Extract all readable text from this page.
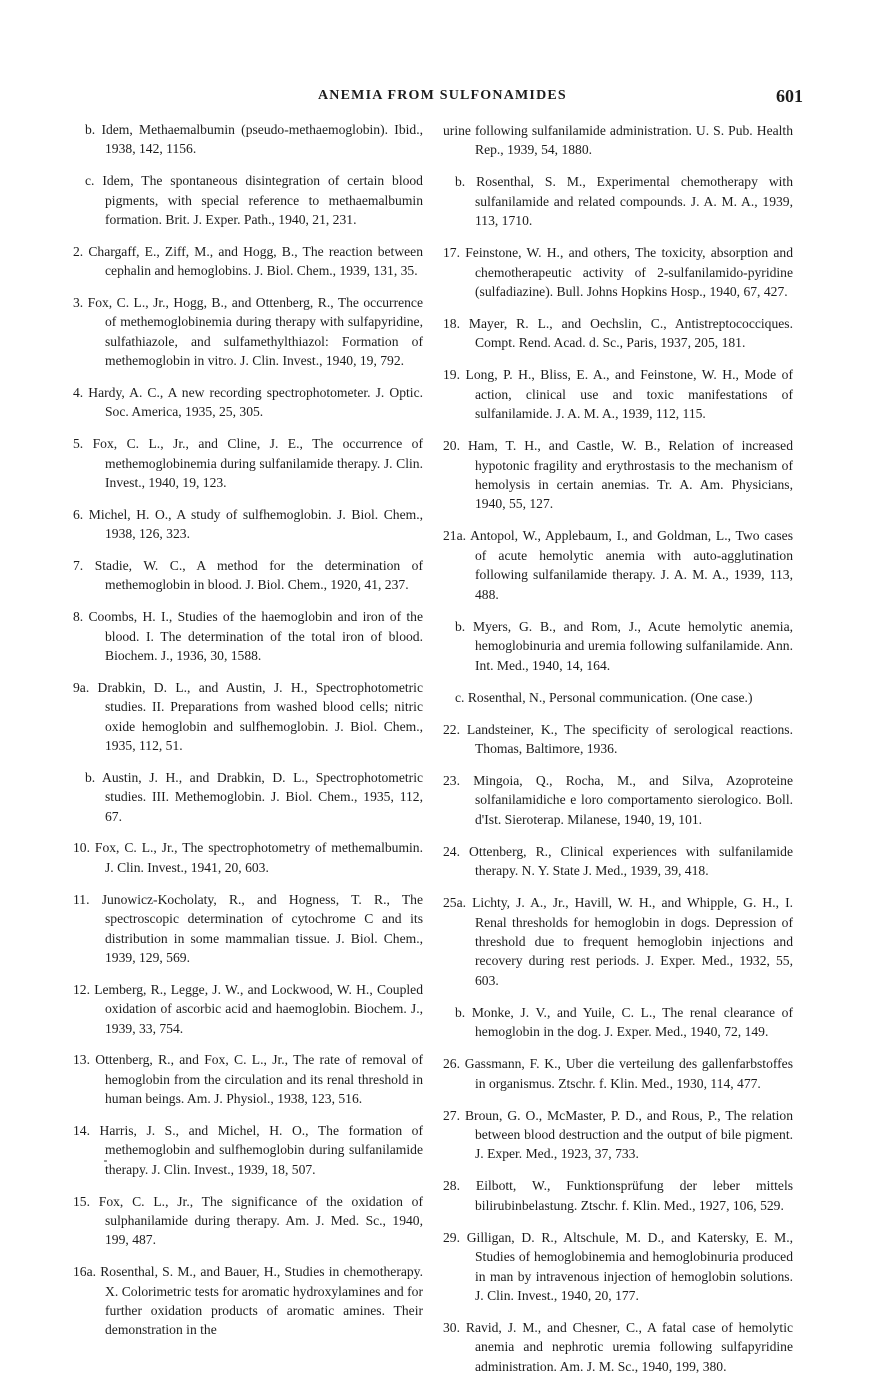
ANEMIA FROM SULFONAMIDES	601
b. Idem, Methaemalbumin (pseudo-methaemoglobin). Ibid., 1938, 142, 1156.
c. Idem, The spontaneous disintegration of certain blood pigments, with special reference to methaemalbumin formation. Brit. J. Exper. Path., 1940, 21, 231.
2. Chargaff, E., Ziff, M., and Hogg, B., The reaction between cephalin and hemoglobins. J. Biol. Chem., 1939, 131, 35.
3. Fox, C. L., Jr., Hogg, B., and Ottenberg, R., The occurrence of methemoglobinemia during therapy with sulfapyridine, sulfathiazole, and sulfamethylthiazol: Formation of methemoglobin in vitro. J. Clin. Invest., 1940, 19, 792.
4. Hardy, A. C., A new recording spectrophotometer. J. Optic. Soc. America, 1935, 25, 305.
5. Fox, C. L., Jr., and Cline, J. E., The occurrence of methemoglobinemia during sulfanilamide therapy. J. Clin. Invest., 1940, 19, 123.
6. Michel, H. O., A study of sulfhemoglobin. J. Biol. Chem., 1938, 126, 323.
7. Stadie, W. C., A method for the determination of methemoglobin in blood. J. Biol. Chem., 1920, 41, 237.
8. Coombs, H. I., Studies of the haemoglobin and iron of the blood. I. The determination of the total iron of blood. Biochem. J., 1936, 30, 1588.
9a. Drabkin, D. L., and Austin, J. H., Spectrophotometric studies. II. Preparations from washed blood cells; nitric oxide hemoglobin and sulfhemoglobin. J. Biol. Chem., 1935, 112, 51.
b. Austin, J. H., and Drabkin, D. L., Spectrophotometric studies. III. Methemoglobin. J. Biol. Chem., 1935, 112, 67.
10. Fox, C. L., Jr., The spectrophotometry of methemalbumin. J. Clin. Invest., 1941, 20, 603.
11. Junowicz-Kocholaty, R., and Hogness, T. R., The spectroscopic determination of cytochrome C and its distribution in some mammalian tissue. J. Biol. Chem., 1939, 129, 569.
12. Lemberg, R., Legge, J. W., and Lockwood, W. H., Coupled oxidation of ascorbic acid and haemoglobin. Biochem. J., 1939, 33, 754.
13. Ottenberg, R., and Fox, C. L., Jr., The rate of removal of hemoglobin from the circulation and its renal threshold in human beings. Am. J. Physiol., 1938, 123, 516.
14. Harris, J. S., and Michel, H. O., The formation of methemoglobin and sulfhemoglobin during sulfanilamide therapy. J. Clin. Invest., 1939, 18, 507.
15. Fox, C. L., Jr., The significance of the oxidation of sulphanilamide during therapy. Am. J. Med. Sc., 1940, 199, 487.
16a. Rosenthal, S. M., and Bauer, H., Studies in chemotherapy. X. Colorimetric tests for aromatic hydroxylamines and for further oxidation products of aromatic amines. Their demonstration in the
urine following sulfanilamide administration. U. S. Pub. Health Rep., 1939, 54, 1880.
b. Rosenthal, S. M., Experimental chemotherapy with sulfanilamide and related compounds. J. A. M. A., 1939, 113, 1710.
17. Feinstone, W. H., and others, The toxicity, absorption and chemotherapeutic activity of 2-sulfanilamido-pyridine (sulfadiazine). Bull. Johns Hopkins Hosp., 1940, 67, 427.
18. Mayer, R. L., and Oechslin, C., Antistreptococciques. Compt. Rend. Acad. d. Sc., Paris, 1937, 205, 181.
19. Long, P. H., Bliss, E. A., and Feinstone, W. H., Mode of action, clinical use and toxic manifestations of sulfanilamide. J. A. M. A., 1939, 112, 115.
20. Ham, T. H., and Castle, W. B., Relation of increased hypotonic fragility and erythrostasis to the mechanism of hemolysis in certain anemias. Tr. A. Am. Physicians, 1940, 55, 127.
21a. Antopol, W., Applebaum, I., and Goldman, L., Two cases of acute hemolytic anemia with auto-agglutination following sulfanilamide therapy. J. A. M. A., 1939, 113, 488.
b. Myers, G. B., and Rom, J., Acute hemolytic anemia, hemoglobinuria and uremia following sulfanilamide. Ann. Int. Med., 1940, 14, 164.
c. Rosenthal, N., Personal communication. (One case.)
22. Landsteiner, K., The specificity of serological reactions. Thomas, Baltimore, 1936.
23. Mingoia, Q., Rocha, M., and Silva, Azoproteine solfanilamidiche e loro comportamento sierologico. Boll. d'Ist. Sieroterap. Milanese, 1940, 19, 101.
24. Ottenberg, R., Clinical experiences with sulfanilamide therapy. N. Y. State J. Med., 1939, 39, 418.
25a. Lichty, J. A., Jr., Havill, W. H., and Whipple, G. H., I. Renal thresholds for hemoglobin in dogs. Depression of threshold due to frequent hemoglobin injections and recovery during rest periods. J. Exper. Med., 1932, 55, 603.
b. Monke, J. V., and Yuile, C. L., The renal clearance of hemoglobin in the dog. J. Exper. Med., 1940, 72, 149.
26. Gassmann, F. K., Uber die verteilung des gallenfarbstoffes in organismus. Ztschr. f. Klin. Med., 1930, 114, 477.
27. Broun, G. O., McMaster, P. D., and Rous, P., The relation between blood destruction and the output of bile pigment. J. Exper. Med., 1923, 37, 733.
28. Eilbott, W., Funktionsprüfung der leber mittels bilirubinbelastung. Ztschr. f. Klin. Med., 1927, 106, 529.
29. Gilligan, D. R., Altschule, M. D., and Katersky, E. M., Studies of hemoglobinemia and hemoglobinuria produced in man by intravenous injection of hemoglobin solutions. J. Clin. Invest., 1940, 20, 177.
30. Ravid, J. M., and Chesner, C., A fatal case of hemolytic anemia and nephrotic uremia following sulfapyridine administration. Am. J. M. Sc., 1940, 199, 380.
